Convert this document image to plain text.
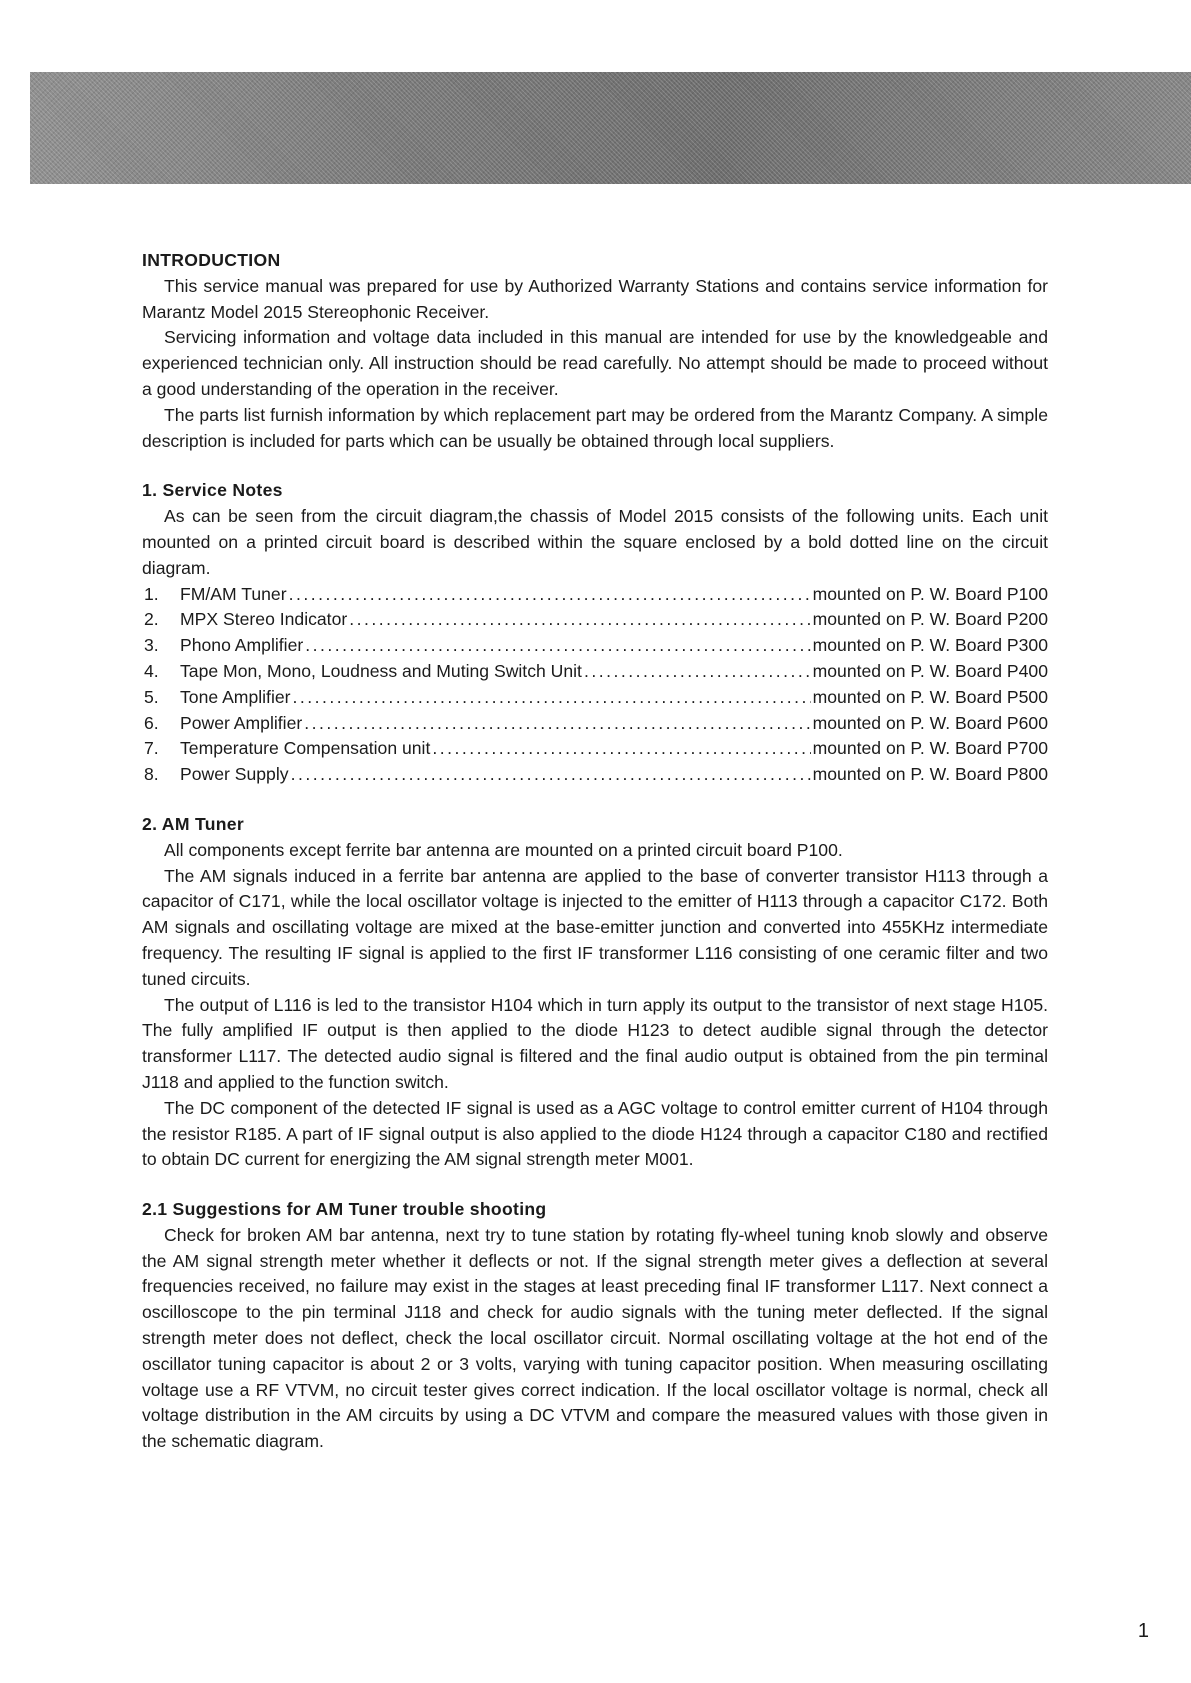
INTRODUCTION

This service manual was prepared for use by Authorized Warranty Stations and contains service information for Marantz Model 2015 Stereophonic Receiver.

Servicing information and voltage data included in this manual are intended for use by the knowledgeable and experienced technician only. All instruction should be read carefully. No attempt should be made to proceed without a good understanding of the operation in the receiver.

The parts list furnish information by which replacement part may be ordered from the Marantz Company. A simple description is included for parts which can be usually be obtained through local suppliers.

1. Service Notes

As can be seen from the circuit diagram,the chassis of Model 2015 consists of the following units. Each unit mounted on a printed circuit board is described within the square enclosed by a bold dotted line on the circuit diagram.

1.	FM/AM Tuner . . .	mounted on P. W. Board P100
2.	MPX Stereo Indicator . . .	mounted on P. W. Board P200
3.	Phono Amplifier . . .	mounted on P. W. Board P300
4.	Tape Mon, Mono, Loudness and Muting Switch Unit . . .	mounted on P. W. Board P400
5.	Tone Amplifier . . .	mounted on P. W. Board P500
6.	Power Amplifier . . .	mounted on P. W. Board P600
7.	Temperature Compensation unit . . .	mounted on P. W. Board P700
8.	Power Supply . . .	mounted on P. W. Board P800
2. AM Tuner

All components except ferrite bar antenna are mounted on a printed circuit board P100.

The AM signals induced in a ferrite bar antenna are applied to the base of converter transistor H113 through a capacitor of C171, while the local oscillator voltage is injected to the emitter of H113 through a capacitor C172. Both AM signals and oscillating voltage are mixed at the base-emitter junction and converted into 455KHz intermediate frequency. The resulting IF signal is applied to the first IF transformer L116 consisting of one ceramic filter and two tuned circuits.

The output of L116 is led to the transistor H104 which in turn apply its output to the transistor of next stage H105. The fully amplified IF output is then applied to the diode H123 to detect audible signal through the detector transformer L117. The detected audio signal is filtered and the final audio output is obtained from the pin terminal J118 and applied to the function switch.

The DC component of the detected IF signal is used as a AGC voltage to control emitter current of H104 through the resistor R185. A part of IF signal output is also applied to the diode H124 through a capacitor C180 and rectified to obtain DC current for energizing the AM signal strength meter M001.

2.1 Suggestions for AM Tuner trouble shooting

Check for broken AM bar antenna, next try to tune station by rotating fly-wheel tuning knob slowly and observe the AM signal strength meter whether it deflects or not. If the signal strength meter gives a deflection at several frequencies received, no failure may exist in the stages at least preceding final IF transformer L117. Next connect a oscilloscope to the pin terminal J118 and check for audio signals with the tuning meter deflected. If the signal strength meter does not deflect, check the local oscillator circuit. Normal oscillating voltage at the hot end of the oscillator tuning capacitor is about 2 or 3 volts, varying with tuning capacitor position. When measuring oscillating voltage use a RF VTVM, no circuit tester gives correct indication. If the local oscillator voltage is normal, check all voltage distribution in the AM circuits by using a DC VTVM and compare the measured values with those given in the schematic diagram.

1
